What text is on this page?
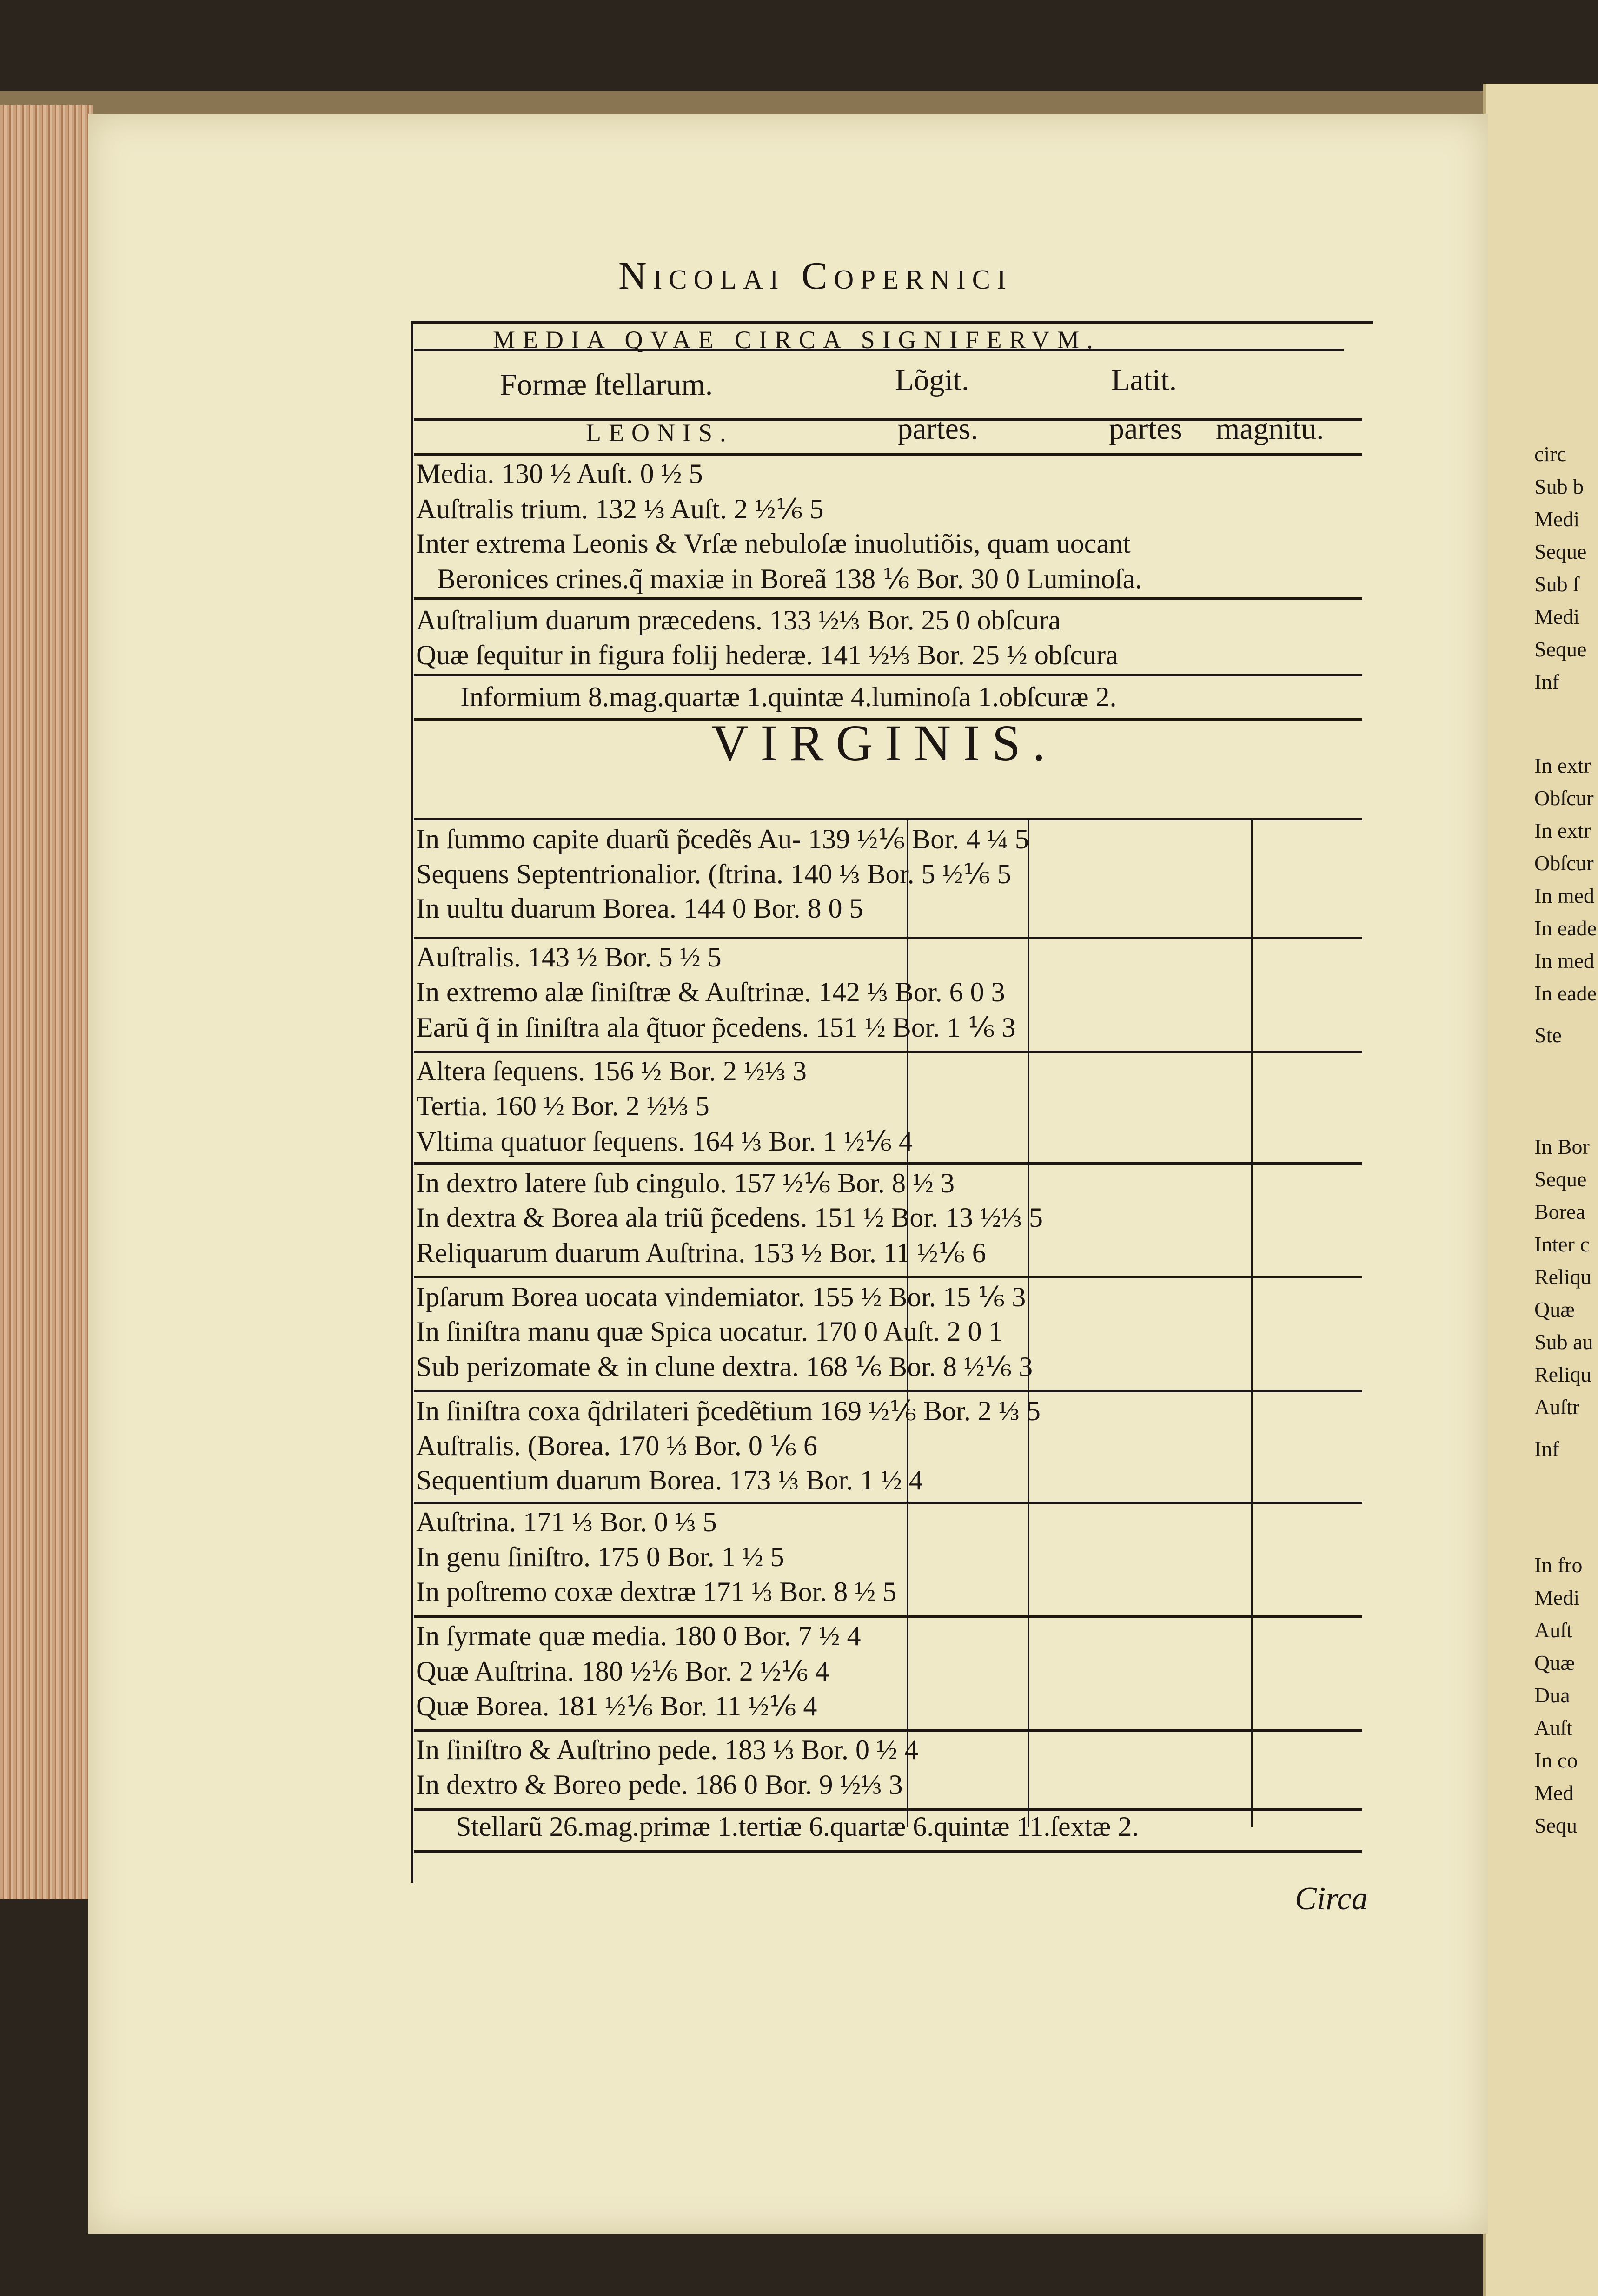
Nicolai Copernici
MEDIA QVAE CIRCA SIGNIFERVM.
Formæ ſtellarum.	Lõgit.	Latit.
LEONIS.	partes.	partes magnitu.
Media. 130 ½ Auſt. 0 ½ 5
Auſtralis trium. 132 ⅓ Auſt. 2 ½⅙ 5
Inter extrema Leonis & Vrſæ nebuloſæ inuolutiõis, quam uocant
Beronices crines.q̃ maxiæ in Boreã 138 ⅙ Bor. 30 0 Luminoſa.
Auſtralium duarum præcedens. 133 ½⅓ Bor. 25 0 obſcura
Quæ ſequitur in figura folij hederæ. 141 ½⅓ Bor. 25 ½ obſcura
Informium 8.mag.quartæ 1.quintæ 4.luminoſa 1.obſcuræ 2.
VIRGINIS.
In ſummo capite duarũ p̃cedẽs Au- 139 ½⅙ Bor. 4 ¼ 5
Sequens Septentrionalior. (ſtrina. 140 ⅓ Bor. 5 ½⅙ 5
In uultu duarum Borea. 144 0 Bor. 8 0 5
Auſtralis. 143 ½ Bor. 5 ½ 5
In extremo alæ ſiniſtræ & Auſtrinæ. 142 ⅓ Bor. 6 0 3
Earũ q̃ in ſiniſtra ala q̃tuor p̃cedens. 151 ½ Bor. 1 ⅙ 3
Altera ſequens. 156 ½ Bor. 2 ½⅓ 3
Tertia. 160 ½ Bor. 2 ½⅓ 5
Vltima quatuor ſequens. 164 ⅓ Bor. 1 ½⅙ 4
In dextro latere ſub cingulo. 157 ½⅙ Bor. 8 ½ 3
In dextra & Borea ala triũ p̃cedens. 151 ½ Bor. 13 ½⅓ 5
Reliquarum duarum Auſtrina. 153 ½ Bor. 11 ½⅙ 6
Ipſarum Borea uocata vindemiator. 155 ½ Bor. 15 ⅙ 3
In ſiniſtra manu quæ Spica uocatur. 170 0 Auſt. 2 0 1
Sub perizomate & in clune dextra. 168 ⅙ Bor. 8 ½⅙ 3
In ſiniſtra coxa q̃drilateri p̃cedẽtium 169 ½⅙ Bor. 2 ⅓ 5
Auſtralis. (Borea. 170 ⅓ Bor. 0 ⅙ 6
Sequentium duarum Borea. 173 ⅓ Bor. 1 ½ 4
Auſtrina. 171 ⅓ Bor. 0 ⅓ 5
In genu ſiniſtro. 175 0 Bor. 1 ½ 5
In poſtremo coxæ dextræ 171 ⅓ Bor. 8 ½ 5
In ſyrmate quæ media. 180 0 Bor. 7 ½ 4
Quæ Auſtrina. 180 ½⅙ Bor. 2 ½⅙ 4
Quæ Borea. 181 ½⅙ Bor. 11 ½⅙ 4
In ſiniſtro & Auſtrino pede. 183 ⅓ Bor. 0 ½ 4
In dextro & Boreo pede. 186 0 Bor. 9 ½⅓ 3
Stellarũ 26.mag.primæ 1.tertiæ 6.quartæ 6.quintæ 11.ſextæ 2.
Circa
circ
Sub b
Medi
Seque
Sub ſ
Medi
Seque
Inf
In extr
Obſcur
In extr
Obſcur
In med
In eade
In med
In eade
Ste
In Bor
Seque
Borea
Inter c
Reliqu
Quæ
Sub au
Reliqu
Auſtr
Inf
In fro
Medi
Auſt
Quæ
Dua
Auſt
In co
Med
Sequ
